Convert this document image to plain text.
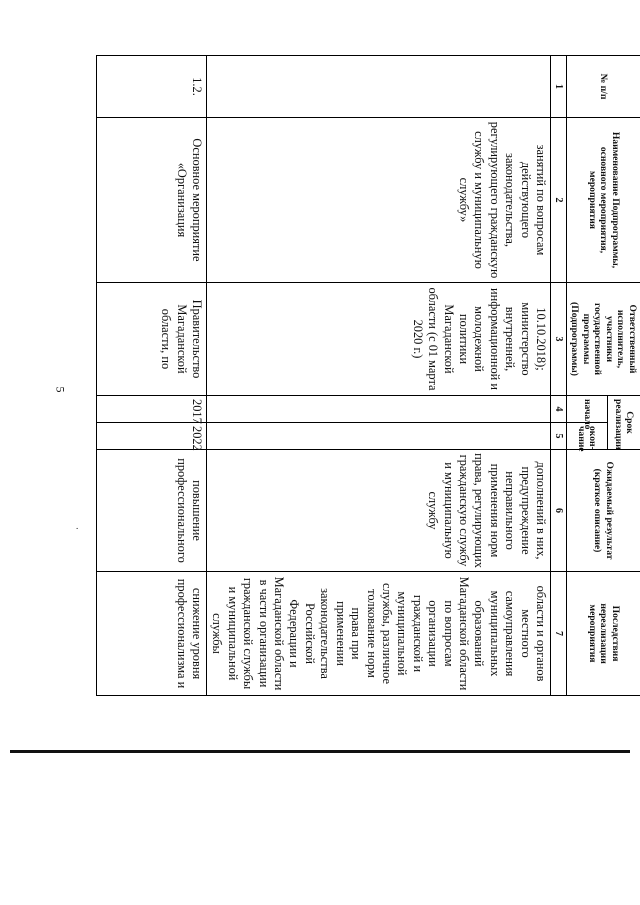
5
.
№ п/п	Наименование Подпрограммы, основного мероприятия, мероприятия	Ответственный исполнитель, участники государственной программы (Подпрограммы)	Срок реализации		Ожидаемый результат (краткое описание)	Последствия нереализации мероприятия
			начало	окон-чание		
1	2	3	4	5	6	7
	занятий по вопросам действующего законодательства, регулирующего гражданскую службу и муниципальную службу»	10.10.2018); министерство внутренней, информационной и молодежной политики Магаданской области (с 01 марта 2020 г.)			дополнений в них, предупреждение неправильного применения норм права, регулирующих гражданскую службу и муниципальную службу	области и органов местного самоуправления муниципальных образований Магаданской области по вопросам организации гражданской и муниципальной службы, различное толкование норм права при применении законодательства Российской Федерации и Магаданской области в части организации гражданской службы и муниципальной службы
1.2.	Основное мероприятие «Организация	Правительство Магаданской области, по	2017	2022	повышение профессионального	снижение уровня профессионализма и
